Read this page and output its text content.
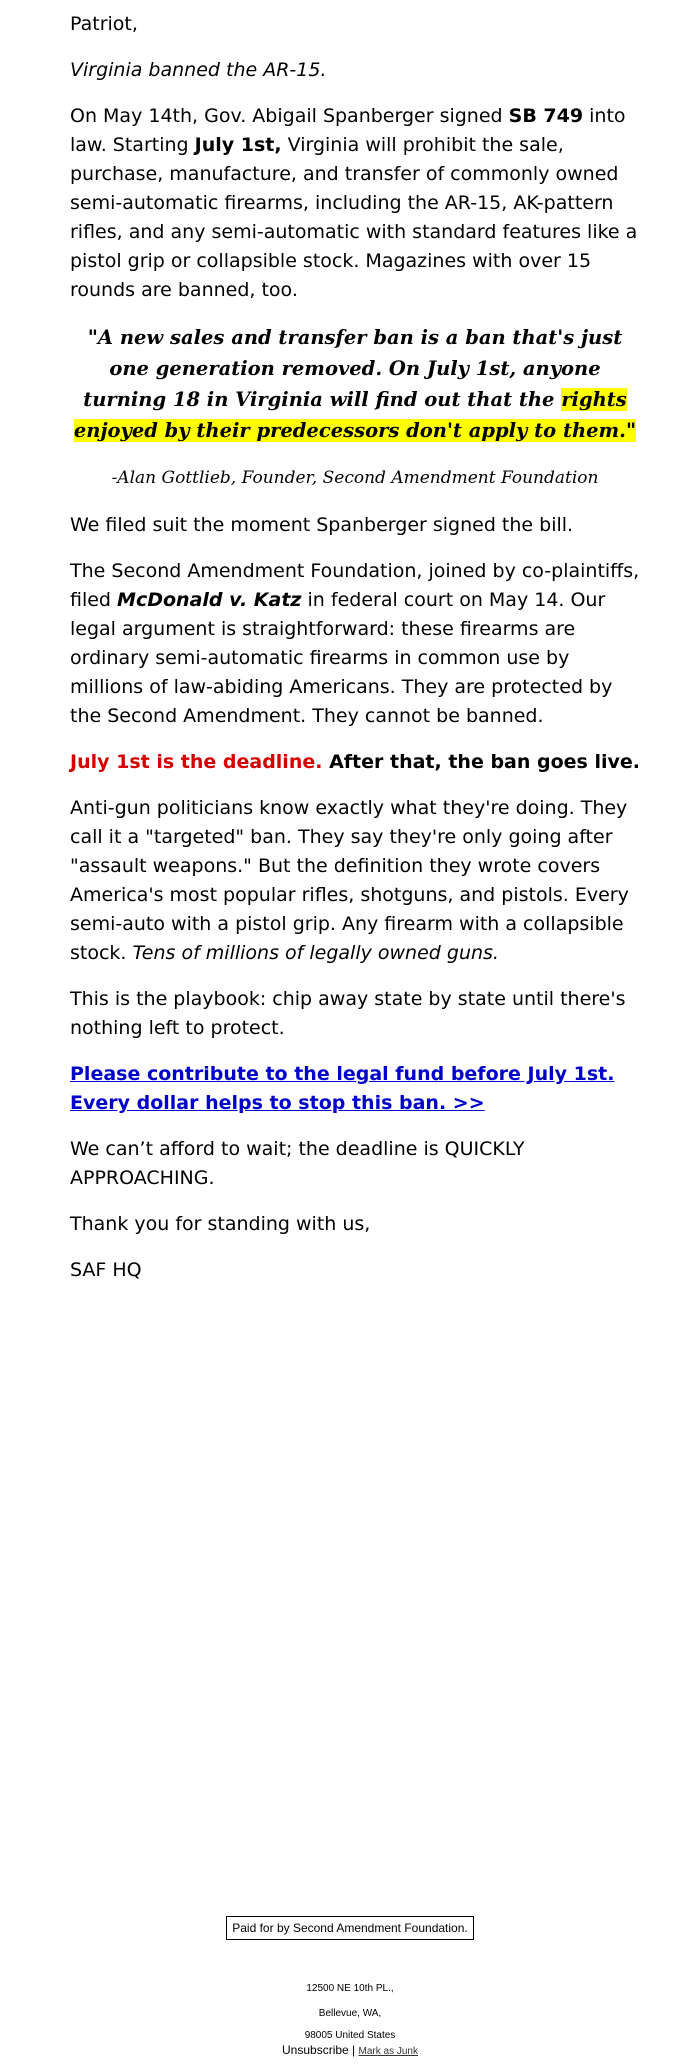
Patriot,

Virginia banned the AR-15.

On May 14th, Gov. Abigail Spanberger signed SB 749 into law. Starting July 1st, Virginia will prohibit the sale, purchase, manufacture, and transfer of commonly owned semi-automatic firearms, including the AR-15, AK-pattern rifles, and any semi-automatic with standard features like a pistol grip or collapsible stock. Magazines with over 15 rounds are banned, too.

"A new sales and transfer ban is a ban that's just one generation removed. On July 1st, anyone turning 18 in Virginia will find out that the rights enjoyed by their predecessors don't apply to them."

-Alan Gottlieb, Founder, Second Amendment Foundation

We filed suit the moment Spanberger signed the bill.

The Second Amendment Foundation, joined by co-plaintiffs, filed McDonald v. Katz in federal court on May 14. Our legal argument is straightforward: these firearms are ordinary semi-automatic firearms in common use by millions of law-abiding Americans. They are protected by the Second Amendment. They cannot be banned.

July 1st is the deadline. After that, the ban goes live.

Anti-gun politicians know exactly what they're doing. They call it a "targeted" ban. They say they're only going after "assault weapons." But the definition they wrote covers America's most popular rifles, shotguns, and pistols. Every semi-auto with a pistol grip. Any firearm with a collapsible stock. Tens of millions of legally owned guns.

This is the playbook: chip away state by state until there's nothing left to protect.

Please contribute to the legal fund before July 1st.
Every dollar helps to stop this ban. >>

We can’t afford to wait; the deadline is QUICKLY APPROACHING.

Thank you for standing with us,

SAF HQ

Paid for by Second Amendment Foundation.
12500 NE 10th PL.,
Bellevue, WA,
98005 United States
Unsubscribe | Mark as Junk
